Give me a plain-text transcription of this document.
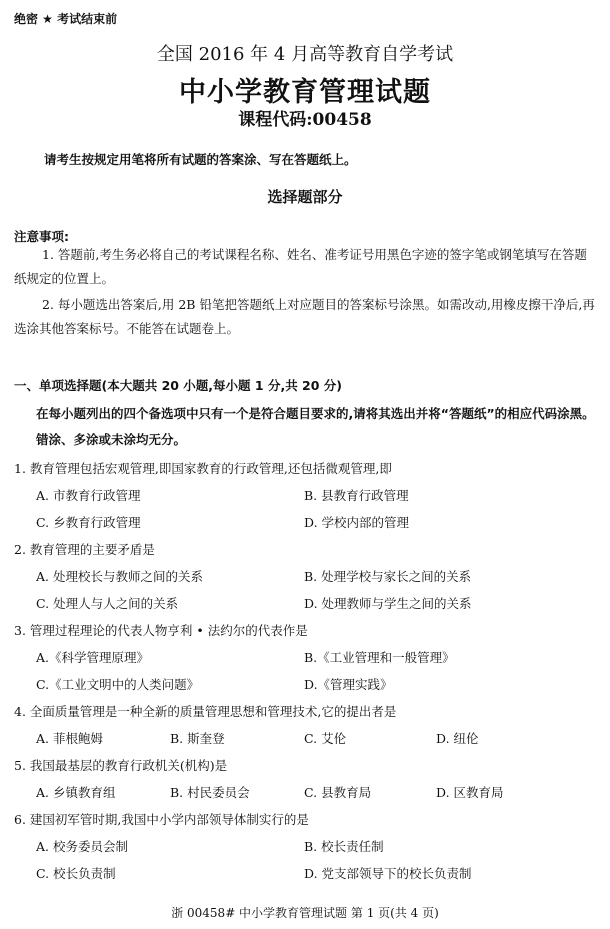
绝密 ★ 考试结束前
全国 2016 年 4 月高等教育自学考试
中小学教育管理试题
课程代码:00458
请考生按规定用笔将所有试题的答案涂、写在答题纸上。
选择题部分
注意事项:
1. 答题前,考生务必将自己的考试课程名称、姓名、准考证号用黑色字迹的签字笔或钢笔填写在答题纸规定的位置上。
2. 每小题选出答案后,用 2B 铅笔把答题纸上对应题目的答案标号涂黑。如需改动,用橡皮擦干净后,再选涂其他答案标号。不能答在试题卷上。
一、单项选择题(本大题共 20 小题,每小题 1 分,共 20 分)
在每小题列出的四个备选项中只有一个是符合题目要求的,请将其选出并将“答题纸”的相应代码涂黑。错涂、多涂或未涂均无分。
1. 教育管理包括宏观管理,即国家教育的行政管理,还包括微观管理,即
A. 市教育行政管理	B. 县教育行政管理
C. 乡教育行政管理	D. 学校内部的管理
2. 教育管理的主要矛盾是
A. 处理校长与教师之间的关系	B. 处理学校与家长之间的关系
C. 处理人与人之间的关系	D. 处理教师与学生之间的关系
3. 管理过程理论的代表人物亨利 • 法约尔的代表作是
A.《科学管理原理》	B.《工业管理和一般管理》
C.《工业文明中的人类问题》	D.《管理实践》
4. 全面质量管理是一种全新的质量管理思想和管理技术,它的提出者是
A. 菲根鲍姆	B. 斯奎登	C. 艾伦	D. 纽伦
5. 我国最基层的教育行政机关(机构)是
A. 乡镇教育组	B. 村民委员会	C. 县教育局	D. 区教育局
6. 建国初军管时期,我国中小学内部领导体制实行的是
A. 校务委员会制	B. 校长责任制
C. 校长负责制	D. 党支部领导下的校长负责制
浙 00458# 中小学教育管理试题 第 1 页(共 4 页)
